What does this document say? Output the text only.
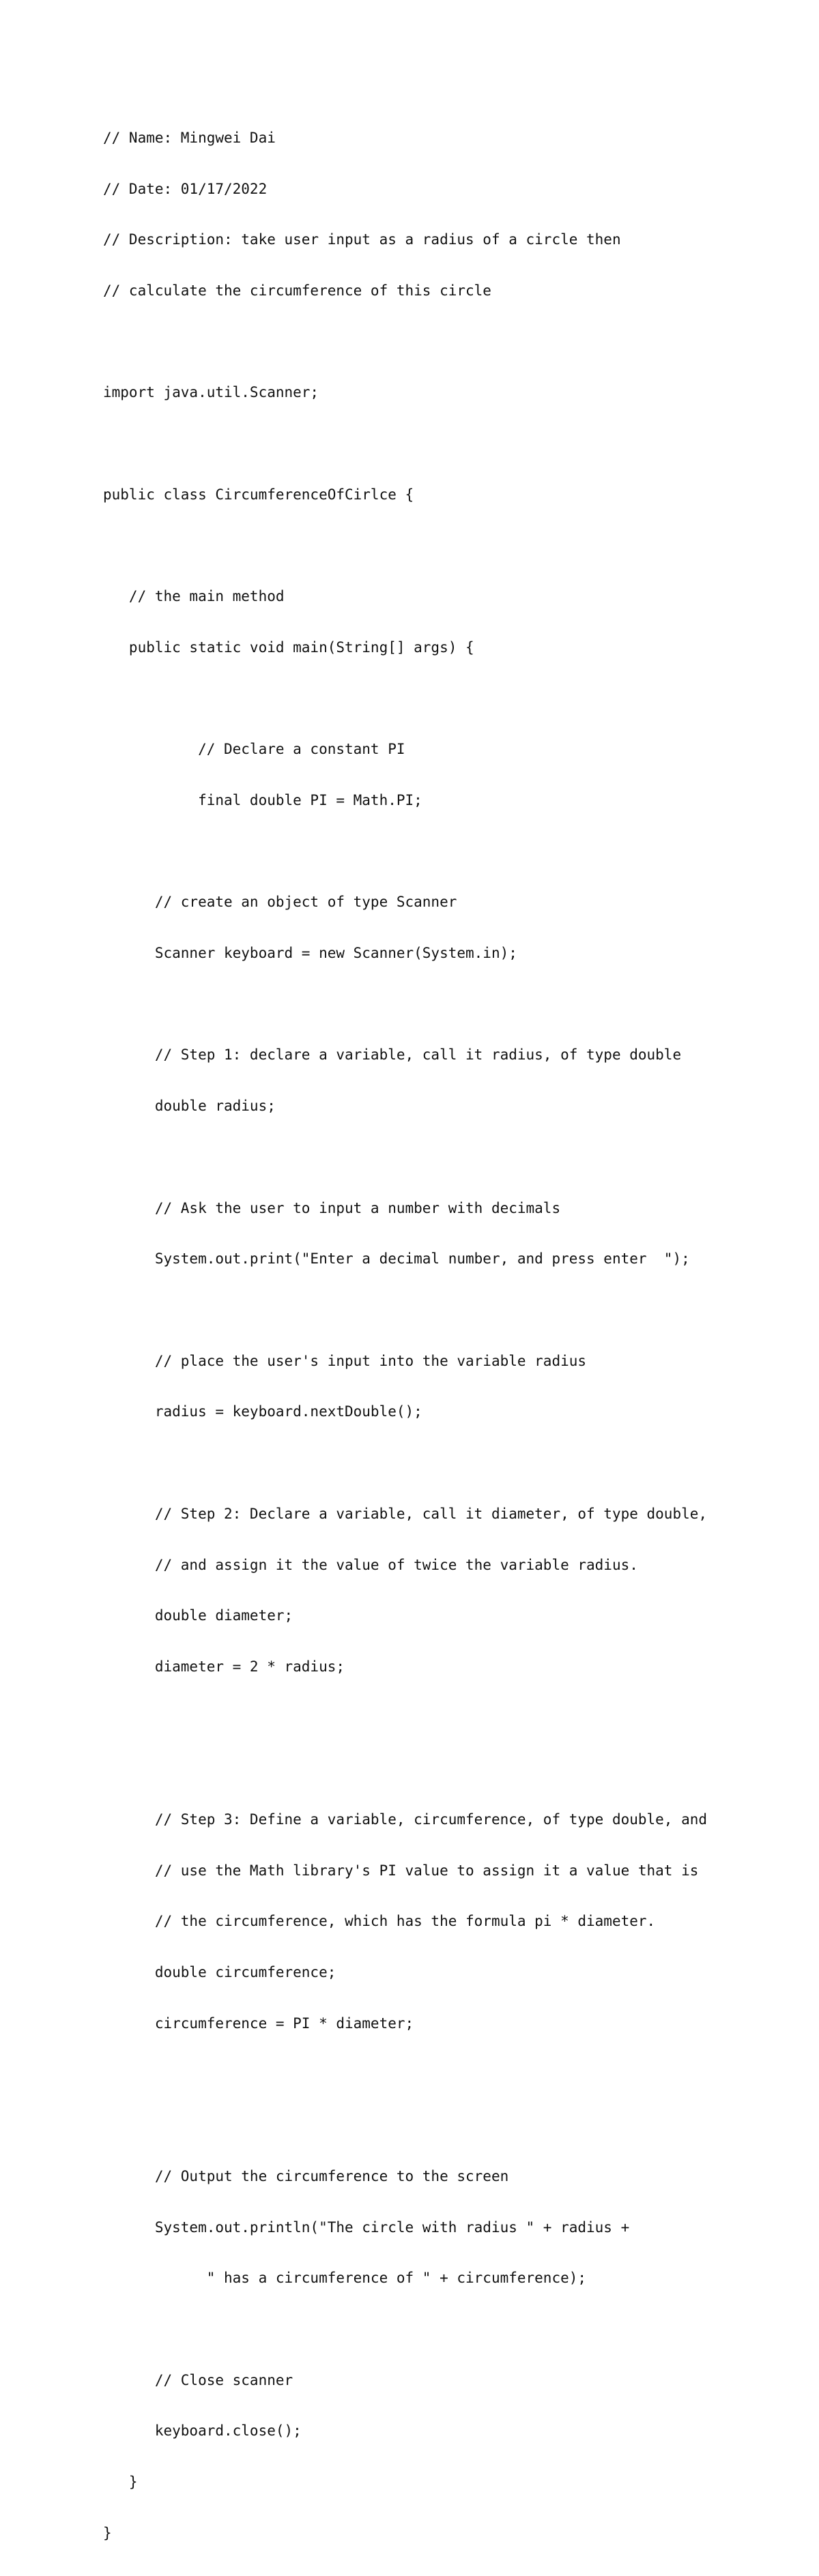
// Name: Mingwei Dai

// Date: 01/17/2022

// Description: take user input as a radius of a circle then

// calculate the circumference of this circle

import java.util.Scanner;

public class CircumferenceOfCirlce {

// the main method

public static void main(String[] args) {

// Declare a constant PI

final double PI = Math.PI;

// create an object of type Scanner

Scanner keyboard = new Scanner(System.in);

// Step 1: declare a variable, call it radius, of type double

double radius;

// Ask the user to input a number with decimals

System.out.print("Enter a decimal number, and press enter  ");

// place the user's input into the variable radius

radius = keyboard.nextDouble();

// Step 2: Declare a variable, call it diameter, of type double,

// and assign it the value of twice the variable radius.

double diameter;

diameter = 2 * radius;

// Step 3: Define a variable, circumference, of type double, and

// use the Math library's PI value to assign it a value that is

// the circumference, which has the formula pi * diameter.

double circumference;

circumference = PI * diameter;

// Output the circumference to the screen

System.out.println("The circle with radius " + radius +

" has a circumference of " + circumference);

// Close scanner

keyboard.close();

}

}
